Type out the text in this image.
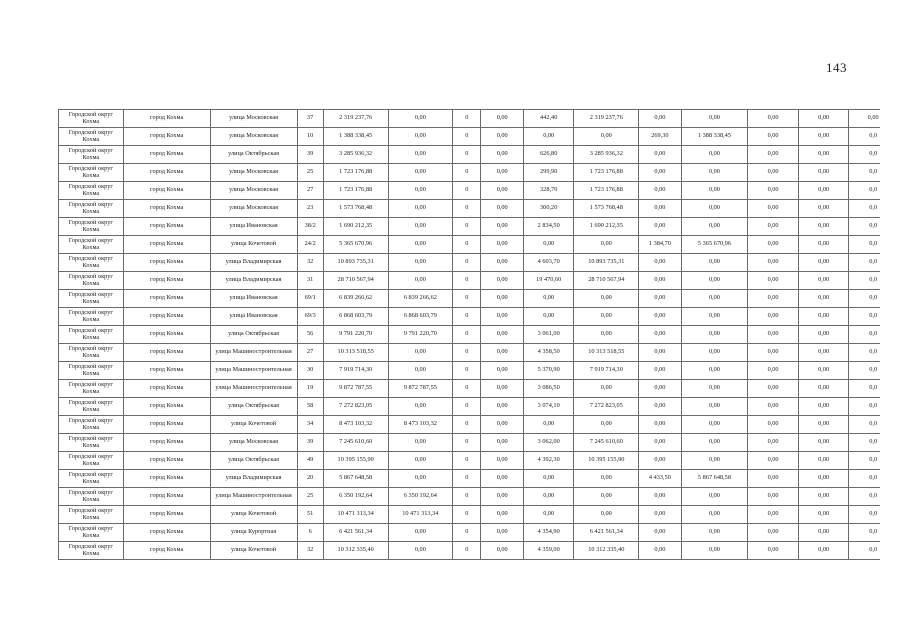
143
Городской округ Кохма	город Кохма	улица Московская	37	2 319 237,76	0,00	0	0,00	442,40	2 319 237,76	0,00	0,00	0,00	0,00	0,00
Городской округ Кохма	город Кохма	улица Московская	10	1 388 338,45	0,00	0	0,00	0,00	0,00	269,30	1 388 338,45	0,00	0,00	0,0
Городской округ Кохма	город Кохма	улица Октябрьская	39	3 285 936,32	0,00	0	0,00	626,80	3 285 936,32	0,00	0,00	0,00	0,00	0,0
Городской округ Кохма	город Кохма	улица Московская	25	1 723 176,88	0,00	0	0,00	299,90	1 723 176,88	0,00	0,00	0,00	0,00	0,0
Городской округ Кохма	город Кохма	улица Московская	27	1 723 176,88	0,00	0	0,00	328,70	1 723 176,88	0,00	0,00	0,00	0,00	0,0
Городской округ Кохма	город Кохма	улица Московская	23	1 573 768,48	0,00	0	0,00	300,20	1 573 768,48	0,00	0,00	0,00	0,00	0,0
Городской округ Кохма	город Кохма	улица Ивановская	38/2	1 690 212,35	0,00	0	0,00	2 834,50	1 690 212,35	0,00	0,00	0,00	0,00	0,0
Городской округ Кохма	город Кохма	улица Кочетовой	24/2	5 365 670,96	0,00	0	0,00	0,00	0,00	1 384,70	5 365 670,96	0,00	0,00	0,0
Городской округ Кохма	город Кохма	улица Владимирская	32	10 893 735,31	0,00	0	0,00	4 603,70	10 893 735,31	0,00	0,00	0,00	0,00	0,0
Городской округ Кохма	город Кохма	улица Владимирская	31	28 710 567,94	0,00	0	0,00	19 470,60	28 710 567,94	0,00	0,00	0,00	0,00	0,0
Городской округ Кохма	город Кохма	улица Ивановская	69/1	6 839 266,62	6 839 266,62	0	0,00	0,00	0,00	0,00	0,00	0,00	0,00	0,0
Городской округ Кохма	город Кохма	улица Ивановская	69/3	6 868 603,79	6 868 603,79	0	0,00	0,00	0,00	0,00	0,00	0,00	0,00	0,0
Городской округ Кохма	город Кохма	улица Октябрьская	56	9 791 220,70	9 791 220,70	0	0,00	3 061,00	0,00	0,00	0,00	0,00	0,00	0,0
Городской округ Кохма	город Кохма	улица Машиностроительная	27	10 313 518,55	0,00	0	0,00	4 358,50	10 313 518,55	0,00	0,00	0,00	0,00	0,0
Городской округ Кохма	город Кохма	улица Машиностроительная	30	7 919 714,30	0,00	0	0,00	5 370,90	7 919 714,30	0,00	0,00	0,00	0,00	0,0
Городской округ Кохма	город Кохма	улица Машиностроительная	19	9 872 787,55	9 872 787,55	0	0,00	3 086,50	0,00	0,00	0,00	0,00	0,00	0,0
Городской округ Кохма	город Кохма	улица Октябрьская	58	7 272 823,05	0,00	0	0,00	3 074,10	7 272 823,05	0,00	0,00	0,00	0,00	0,0
Городской округ Кохма	город Кохма	улица Кочетовой	34	8 473 103,32	8 473 103,32	0	0,00	0,00	0,00	0,00	0,00	0,00	0,00	0,0
Городской округ Кохма	город Кохма	улица Московская	39	7 245 610,60	0,00	0	0,00	3 062,00	7 245 610,60	0,00	0,00	0,00	0,00	0,0
Городской округ Кохма	город Кохма	улица Октябрьская	49	10 395 155,90	0,00	0	0,00	4 392,30	10 395 155,90	0,00	0,00	0,00	0,00	0,0
Городской округ Кохма	город Кохма	улица Владимирская	20	5 867 648,58	0,00	0	0,00	0,00	0,00	4 433,50	5 867 648,58	0,00	0,00	0,0
Городской округ Кохма	город Кохма	улица Машиностроительная	25	6 350 192,64	6 350 192,64	0	0,00	0,00	0,00	0,00	0,00	0,00	0,00	0,0
Городской округ Кохма	город Кохма	улица Кочетовой	51	10 471 313,34	10 471 313,34	0	0,00	0,00	0,00	0,00	0,00	0,00	0,00	0,0
Городской округ Кохма	город Кохма	улица Курортная	6	6 421 561,34	0,00	0	0,00	4 354,90	6 421 561,34	0,00	0,00	0,00	0,00	0,0
Городской округ Кохма	город Кохма	улица Кочетовой	32	10 312 335,40	0,00	0	0,00	4 359,00	10 312 335,40	0,00	0,00	0,00	0,00	0,0
